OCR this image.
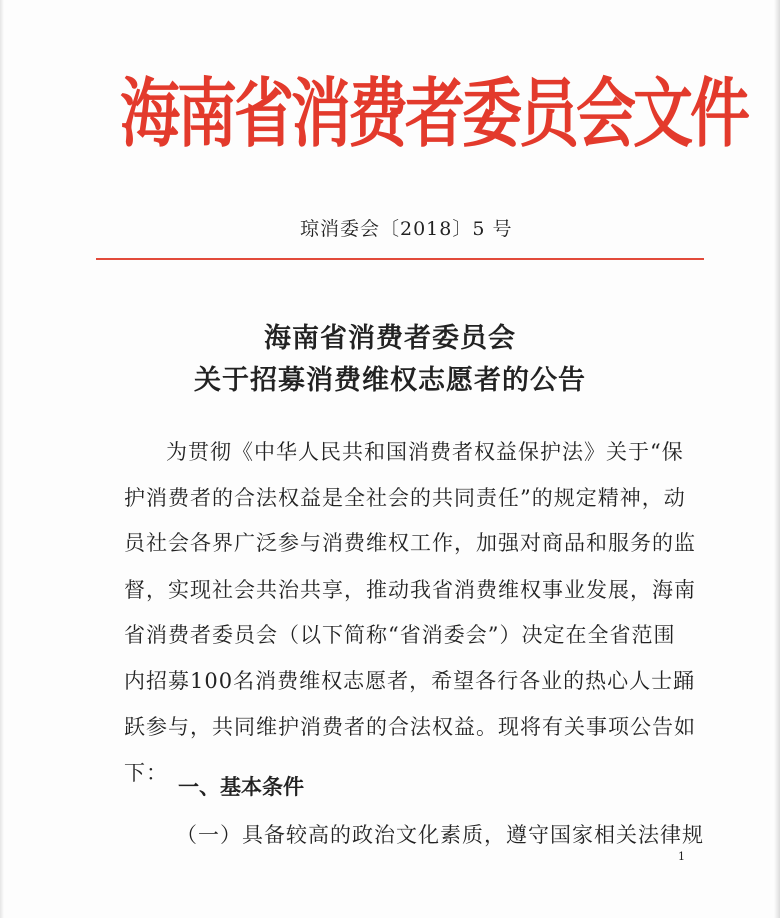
海南省消费者委员会文件
琼消委会〔2018〕5 号
海南省消费者委员会
关于招募消费维权志愿者的公告
为贯彻《中华人民共和国消费者权益保护法》关于“保
护消费者的合法权益是全社会的共同责任”的规定精神，动
员社会各界广泛参与消费维权工作，加强对商品和服务的监
督，实现社会共治共享，推动我省消费维权事业发展，海南
省消费者委员会（以下简称“省消委会”）决定在全省范围
内招募100名消费维权志愿者，希望各行各业的热心人士踊
跃参与，共同维护消费者的合法权益。现将有关事项公告如
下：
一、基本条件
（一）具备较高的政治文化素质，遵守国家相关法律规
1
